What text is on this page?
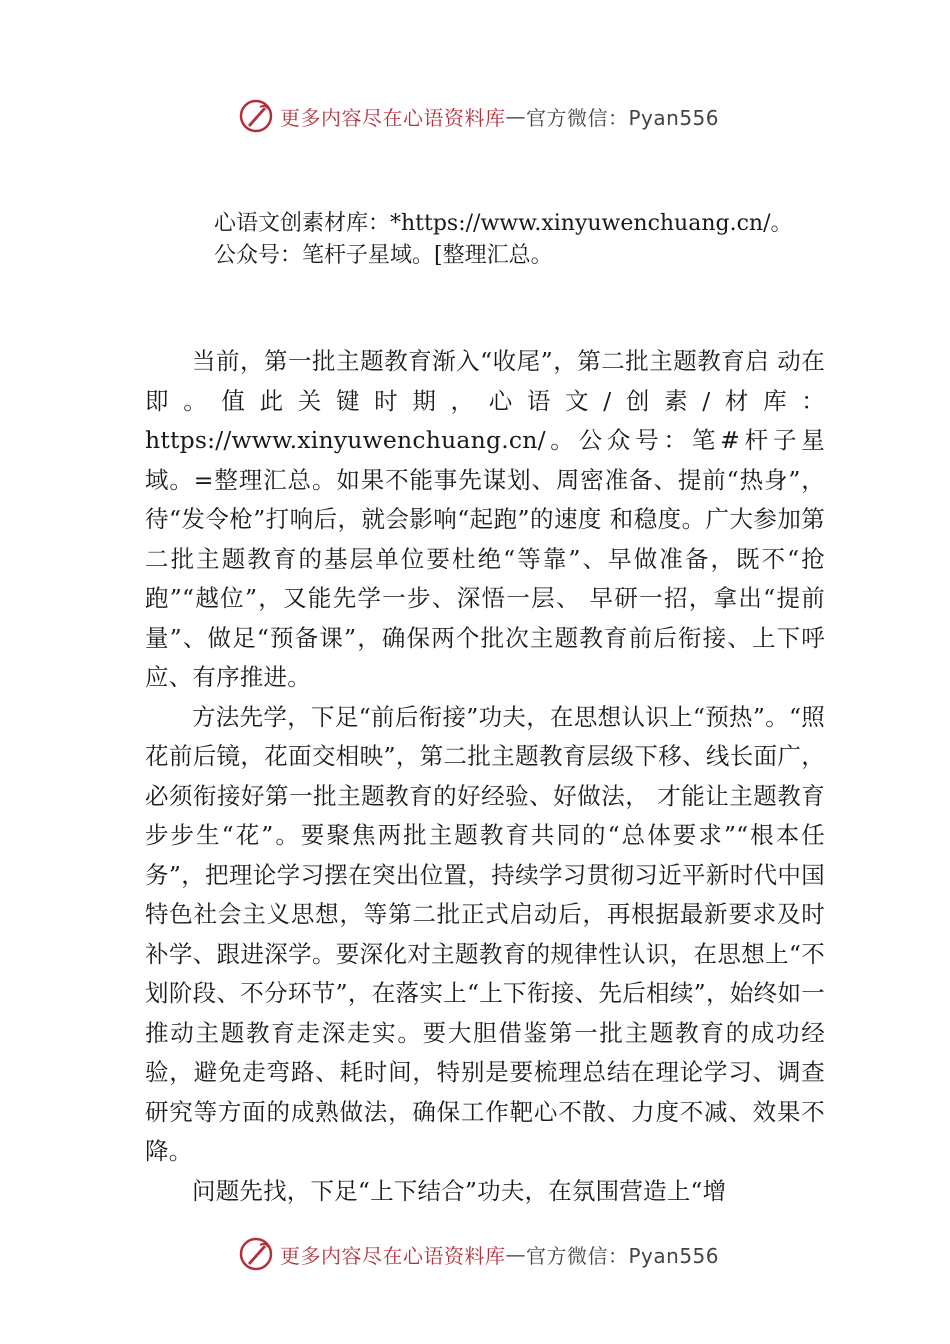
更多内容尽在心语资料库 — 官方微信：Pyan556
心语文创素材库：*https://www.xinyuwenchuang.cn/。
公众号：笔杆子星域。[整理汇总。

当前，第一批主题教育渐入“收尾”，第二批主题教育启 动在即。值此关键时期，心语文/创素/材库：https://www.xinyuwenchuang.cn/。公众号：笔#杆子星域。=整理汇总。如果不能事先谋划、周密准备、提前“热身”，待“发令枪”打响后，就会影响“起跑”的速度 和稳度。广大参加第二批主题教育的基层单位要杜绝“等靠”、早做准备，既不“抢跑”“越位”，又能先学一步、深悟一层、 早研一招，拿出“提前量”、做足“预备课”，确保两个批次主题教育前后衔接、上下呼应、有序推进。

方法先学，下足“前后衔接”功夫，在思想认识上“预热”。“照花前后镜，花面交相映”，第二批主题教育层级下移、线长面广，必须衔接好第一批主题教育的好经验、好做法， 才能让主题教育步步生“花”。要聚焦两批主题教育共同的“总体要求”“根本任务”，把理论学习摆在突出位置，持续学习贯彻习近平新时代中国特色社会主义思想，等第二批正式启动后，再根据最新要求及时补学、跟进深学。要深化对主题教育的规律性认识，在思想上“不划阶段、不分环节”，在落实上“上下衔接、先后相续”，始终如一推动主题教育走深走实。要大胆借鉴第一批主题教育的成功经验，避免走弯路、耗时间，特别是要梳理总结在理论学习、调查研究等方面的成熟做法，确保工作靶心不散、力度不减、效果不降。

问题先找，下足“上下结合”功夫，在氛围营造上“增

更多内容尽在心语资料库 — 官方微信：Pyan556
